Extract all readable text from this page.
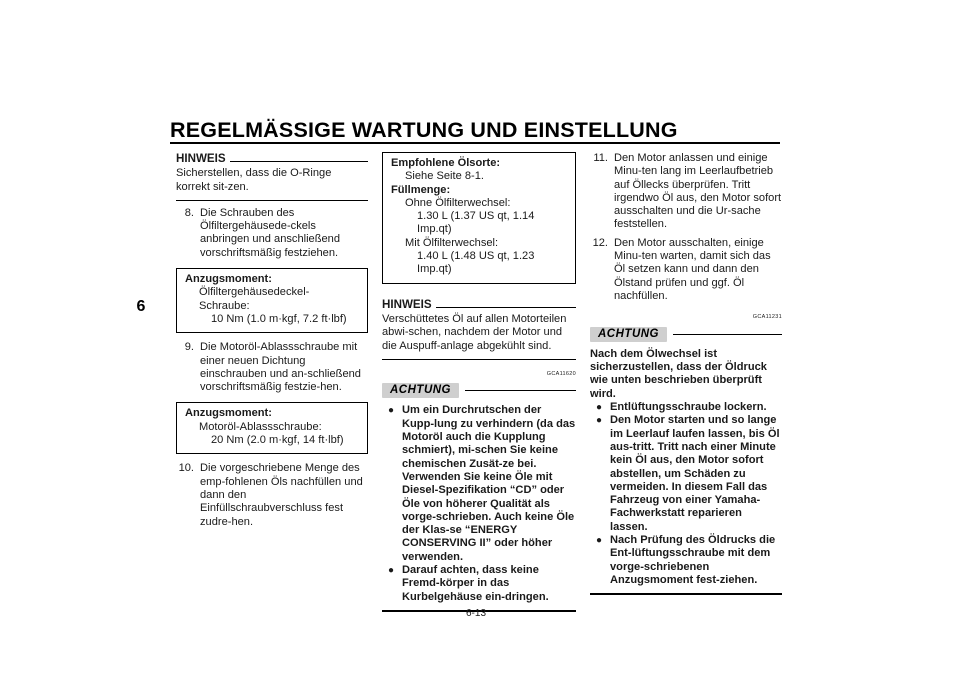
REGELMÄSSIGE WARTUNG UND EINSTELLUNG
6
HINWEIS

Sicherstellen, dass die O-Ringe korrekt sit-zen.

8. Die Schrauben des Ölfiltergehäusede-ckels anbringen und anschließend vorschriftsmäßig festziehen.
Anzugsmoment:
Ölfiltergehäusedeckel-Schraube:
10 Nm (1.0 m·kgf, 7.2 ft·lbf)
9. Die Motoröl-Ablassschraube mit einer neuen Dichtung einschrauben und an-schließend vorschriftsmäßig festzie-hen.
Anzugsmoment:
Motoröl-Ablassschraube:
20 Nm (2.0 m·kgf, 14 ft·lbf)
10. Die vorgeschriebene Menge des emp-fohlenen Öls nachfüllen und dann den Einfüllschraubverschluss fest zudre-hen.
Empfohlene Ölsorte:
Siehe Seite 8-1.
Füllmenge:
Ohne Ölfilterwechsel:
1.30 L (1.37 US qt, 1.14 Imp.qt)
Mit Ölfilterwechsel:
1.40 L (1.48 US qt, 1.23 Imp.qt)
HINWEIS

Verschüttetes Öl auf allen Motorteilen abwi-schen, nachdem der Motor und die Auspuff-anlage abgekühlt sind.

GCA11620
ACHTUNG
● Um ein Durchrutschen der Kupp-lung zu verhindern (da das Motoröl auch die Kupplung schmiert), mi-schen Sie keine chemischen Zusät-ze bei. Verwenden Sie keine Öle mit Diesel-Spezifikation “CD” oder Öle von höherer Qualität als vorge-schrieben. Auch keine Öle der Klas-se “ENERGY CONSERVING II” oder höher verwenden.
● Darauf achten, dass keine Fremd-körper in das Kurbelgehäuse ein-dringen.
11. Den Motor anlassen und einige Minu-ten lang im Leerlaufbetrieb auf Öllecks überprüfen. Tritt irgendwo Öl aus, den Motor sofort ausschalten und die Ur-sache feststellen.
12. Den Motor ausschalten, einige Minu-ten warten, damit sich das Öl setzen kann und dann den Ölstand prüfen und ggf. Öl nachfüllen.
GCA11231
ACHTUNG

Nach dem Ölwechsel ist sicherzustellen, dass der Öldruck wie unten beschrieben überprüft wird.

● Entlüftungsschraube lockern.
● Den Motor starten und so lange im Leerlauf laufen lassen, bis Öl aus-tritt. Tritt nach einer Minute kein Öl aus, den Motor sofort abstellen, um Schäden zu vermeiden. In diesem Fall das Fahrzeug von einer Yamaha-Fachwerkstatt reparieren lassen.
● Nach Prüfung des Öldrucks die Ent-lüftungsschraube mit dem vorge-schriebenen Anzugsmoment fest-ziehen.
6-13
